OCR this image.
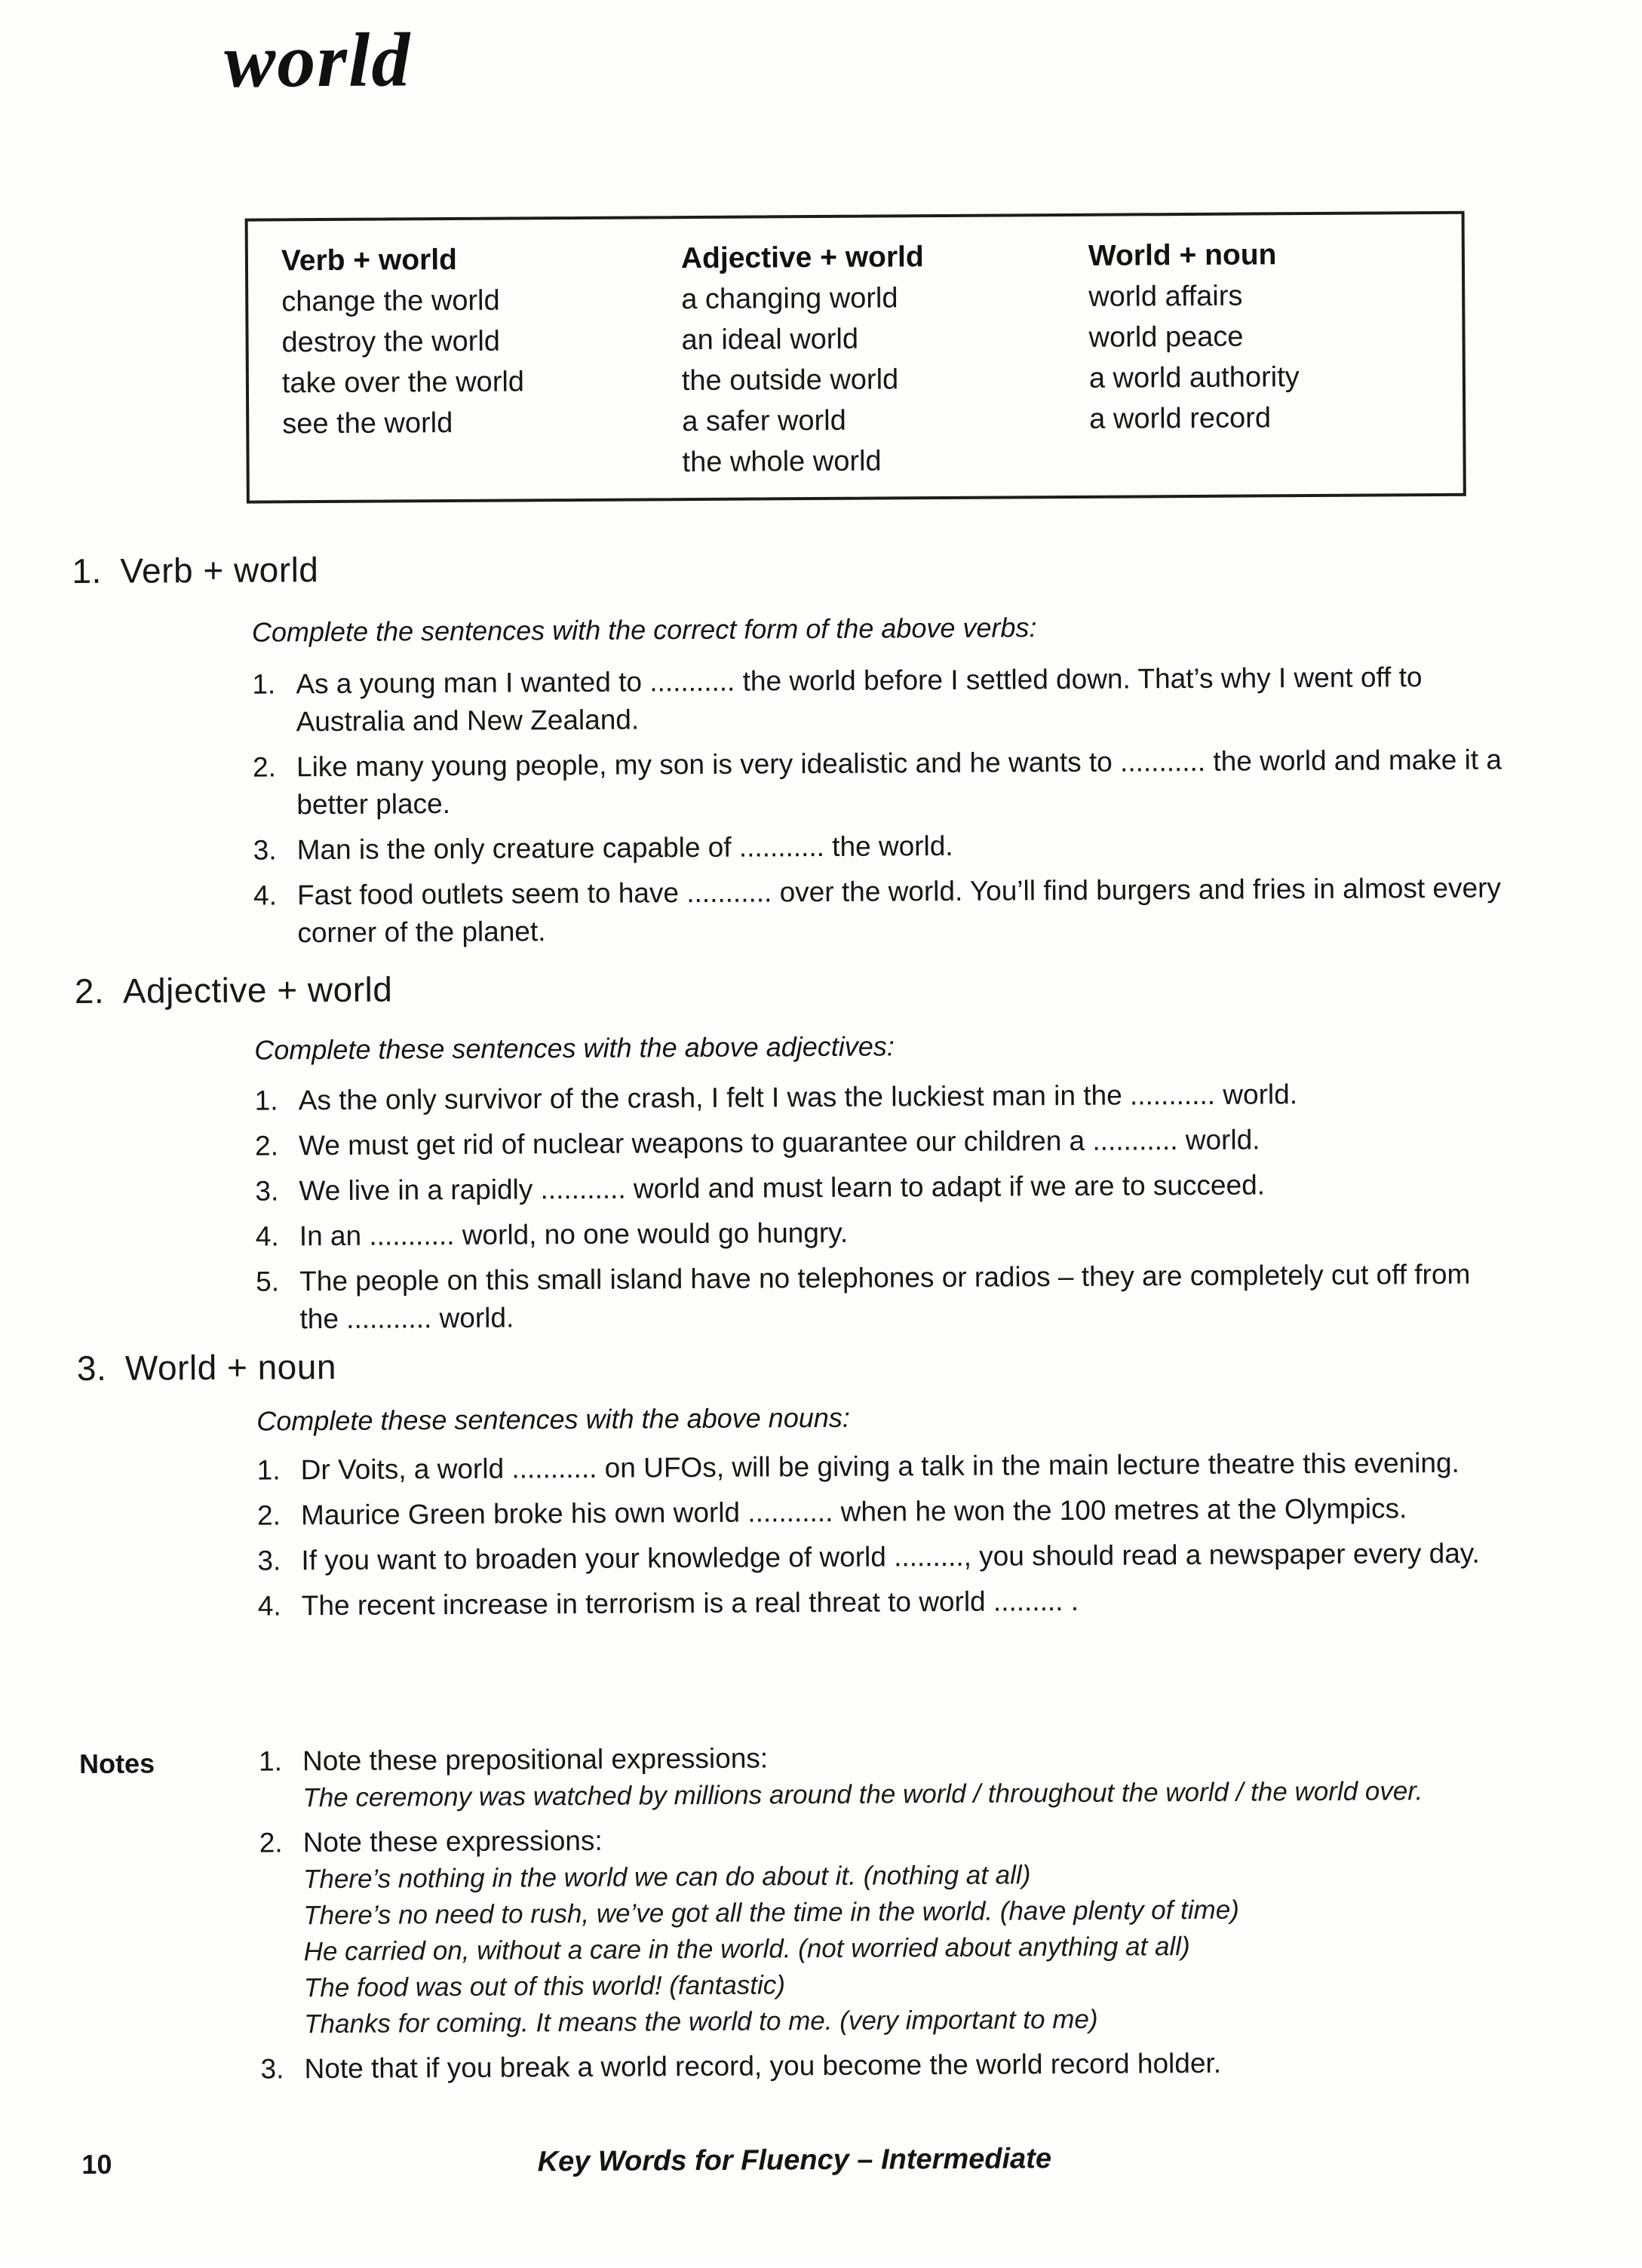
world
Verb + world
change the world
destroy the world
take over the world
see the world
Adjective + world
a changing world
an ideal world
the outside world
a safer world
the whole world
World + noun
world affairs
world peace
a world authority
a world record
1. Verb + world
Complete the sentences with the correct form of the above verbs:
1. As a young man I wanted to ........... the world before I settled down. That’s why I went off to Australia and New Zealand.
2. Like many young people, my son is very idealistic and he wants to ........... the world and make it a better place.
3. Man is the only creature capable of ........... the world.
4. Fast food outlets seem to have ........... over the world. You’ll find burgers and fries in almost every corner of the planet.
2. Adjective + world
Complete these sentences with the above adjectives:
1. As the only survivor of the crash, I felt I was the luckiest man in the ........... world.
2. We must get rid of nuclear weapons to guarantee our children a ........... world.
3. We live in a rapidly ........... world and must learn to adapt if we are to succeed.
4. In an ........... world, no one would go hungry.
5. The people on this small island have no telephones or radios – they are completely cut off from the ........... world.
3. World + noun
Complete these sentences with the above nouns:
1. Dr Voits, a world ........... on UFOs, will be giving a talk in the main lecture theatre this evening.
2. Maurice Green broke his own world ........... when he won the 100 metres at the Olympics.
3. If you want to broaden your knowledge of world ........., you should read a newspaper every day.
4. The recent increase in terrorism is a real threat to world ......... .
Notes	1. Note these prepositional expressions:
The ceremony was watched by millions around the world / throughout the world / the world over.
2. Note these expressions:
There’s nothing in the world we can do about it. (nothing at all)
There’s no need to rush, we’ve got all the time in the world. (have plenty of time)
He carried on, without a care in the world. (not worried about anything at all)
The food was out of this world! (fantastic)
Thanks for coming. It means the world to me. (very important to me)
3. Note that if you break a world record, you become the world record holder.
10	Key Words for Fluency – Intermediate
